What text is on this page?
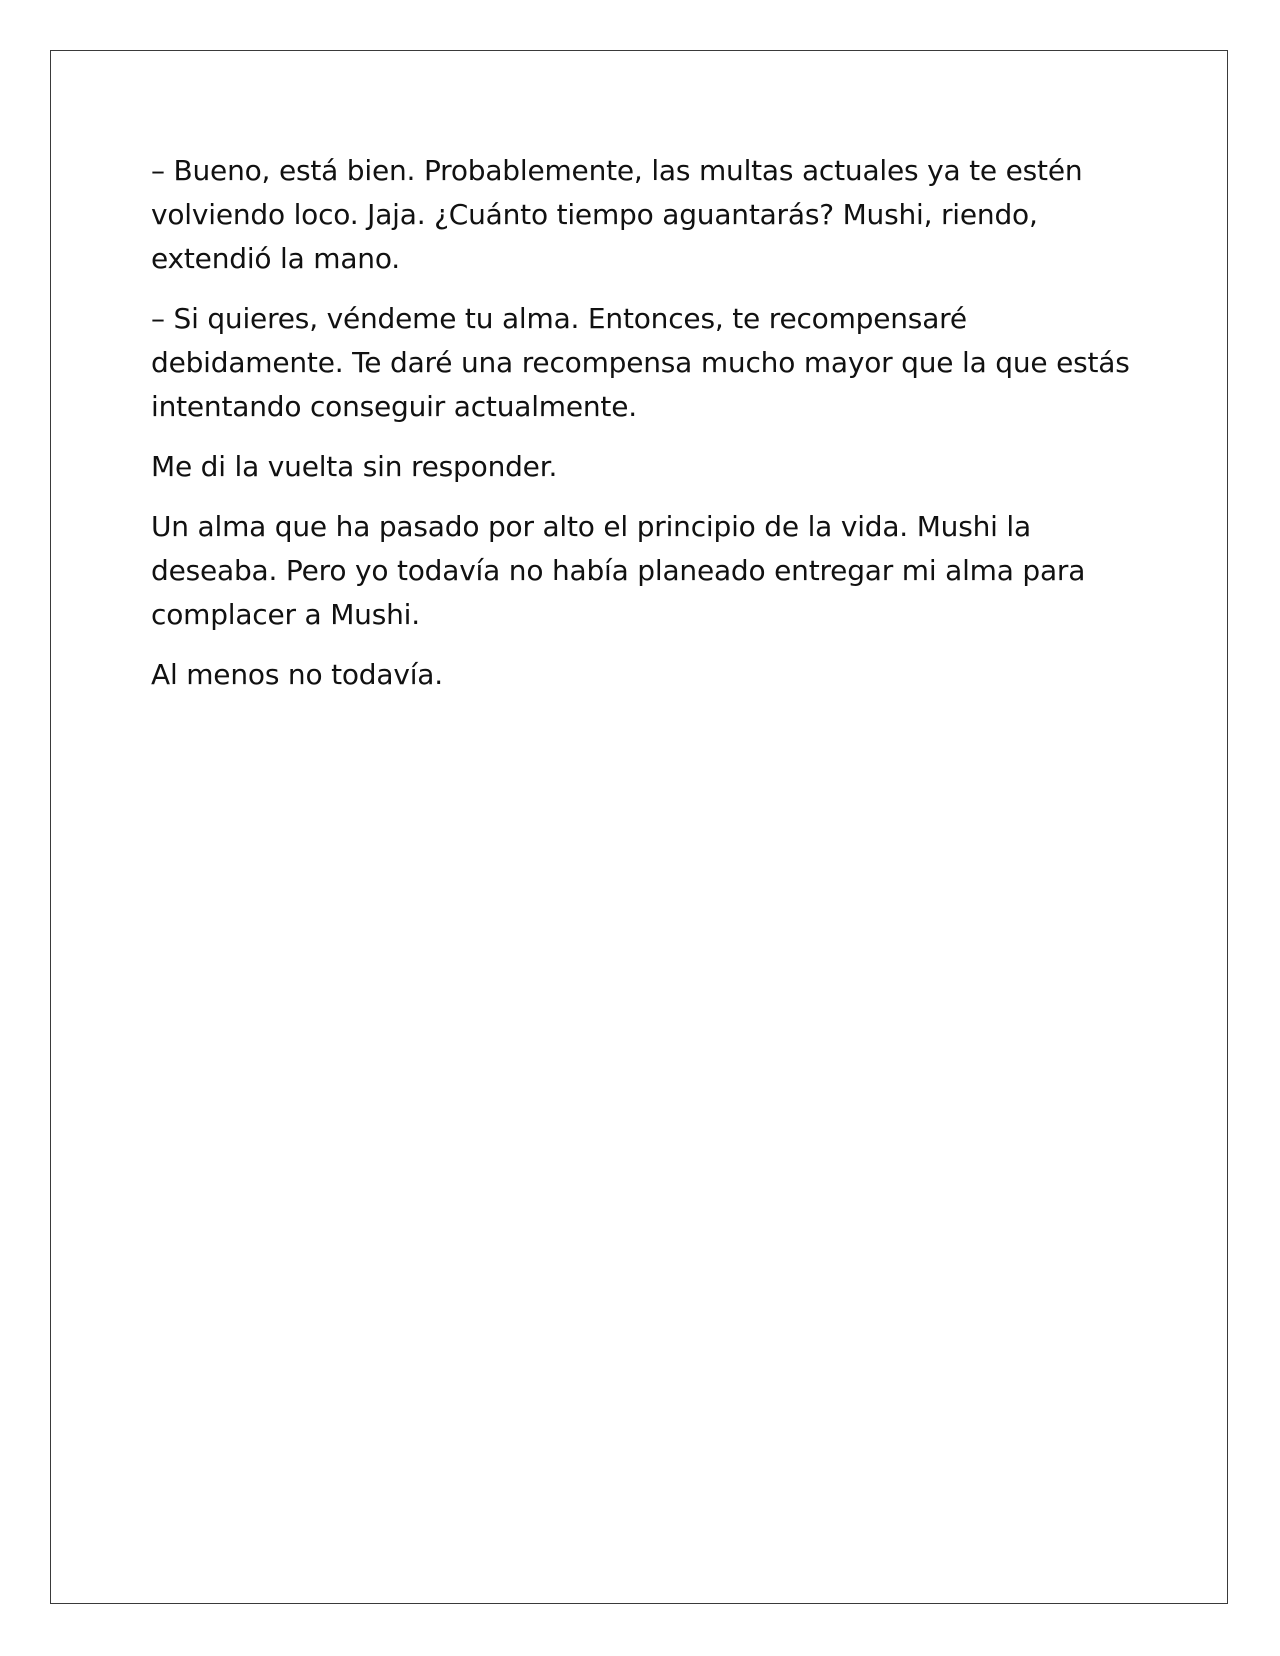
– Bueno, está bien. Probablemente, las multas actuales ya te estén
volviendo loco. Jaja. ¿Cuánto tiempo aguantarás? Mushi, riendo,
extendió la mano.

– Si quieres, véndeme tu alma. Entonces, te recompensaré
debidamente. Te daré una recompensa mucho mayor que la que estás
intentando conseguir actualmente.

Me di la vuelta sin responder.

Un alma que ha pasado por alto el principio de la vida. Mushi la
deseaba. Pero yo todavía no había planeado entregar mi alma para
complacer a Mushi.

Al menos no todavía.
